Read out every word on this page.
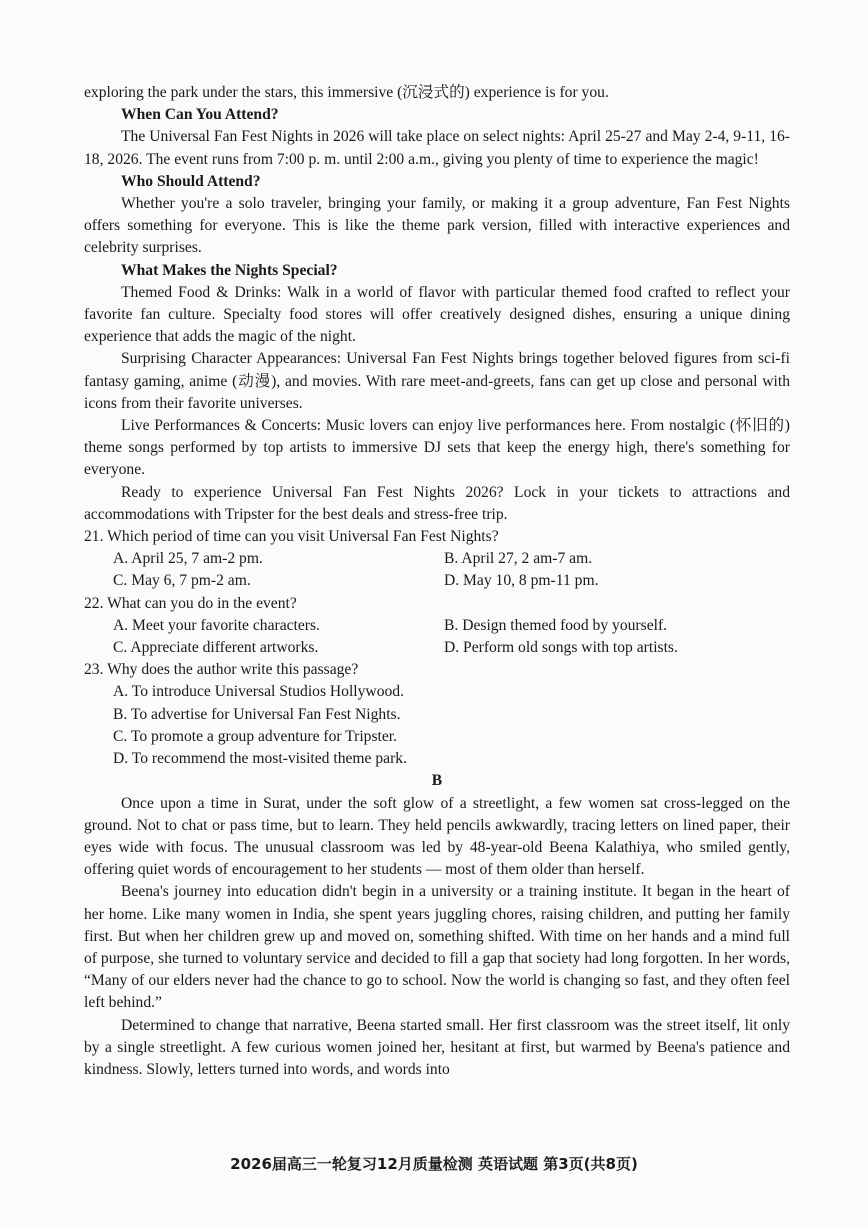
exploring the park under the stars, this immersive (沉浸式的) experience is for you.

When Can You Attend?

The Universal Fan Fest Nights in 2026 will take place on select nights: April 25-27 and May 2-4, 9-11, 16-18, 2026. The event runs from 7:00 p. m. until 2:00 a.m., giving you plenty of time to experience the magic!

Who Should Attend?

Whether you're a solo traveler, bringing your family, or making it a group adventure, Fan Fest Nights offers something for everyone. This is like the theme park version, filled with interactive experiences and celebrity surprises.

What Makes the Nights Special?

Themed Food & Drinks: Walk in a world of flavor with particular themed food crafted to reflect your favorite fan culture. Specialty food stores will offer creatively designed dishes, ensuring a unique dining experience that adds the magic of the night.

Surprising Character Appearances: Universal Fan Fest Nights brings together beloved figures from sci-fi fantasy gaming, anime (动漫), and movies. With rare meet-and-greets, fans can get up close and personal with icons from their favorite universes.

Live Performances & Concerts: Music lovers can enjoy live performances here. From nostalgic (怀旧的) theme songs performed by top artists to immersive DJ sets that keep the energy high, there's something for everyone.

Ready to experience Universal Fan Fest Nights 2026? Lock in your tickets to attractions and accommodations with Tripster for the best deals and stress-free trip.

21. Which period of time can you visit Universal Fan Fest Nights?

A. April 25, 7 am-2 pm.	B. April 27, 2 am-7 am.
C. May 6, 7 pm-2 am.	D. May 10, 8 pm-11 pm.

22. What can you do in the event?

A. Meet your favorite characters.	B. Design themed food by yourself.
C. Appreciate different artworks.	D. Perform old songs with top artists.

23. Why does the author write this passage?

A. To introduce Universal Studios Hollywood.
B. To advertise for Universal Fan Fest Nights.
C. To promote a group adventure for Tripster.
D. To recommend the most-visited theme park.

B

Once upon a time in Surat, under the soft glow of a streetlight, a few women sat cross-legged on the ground. Not to chat or pass time, but to learn. They held pencils awkwardly, tracing letters on lined paper, their eyes wide with focus. The unusual classroom was led by 48-year-old Beena Kalathiya, who smiled gently, offering quiet words of encouragement to her students — most of them older than herself.

Beena's journey into education didn't begin in a university or a training institute. It began in the heart of her home. Like many women in India, she spent years juggling chores, raising children, and putting her family first. But when her children grew up and moved on, something shifted. With time on her hands and a mind full of purpose, she turned to voluntary service and decided to fill a gap that society had long forgotten. In her words, “Many of our elders never had the chance to go to school. Now the world is changing so fast, and they often feel left behind.”

Determined to change that narrative, Beena started small. Her first classroom was the street itself, lit only by a single streetlight. A few curious women joined her, hesitant at first, but warmed by Beena's patience and kindness. Slowly, letters turned into words, and words into

2026届高三一轮复习12月质量检测 英语试题 第3页(共8页)
